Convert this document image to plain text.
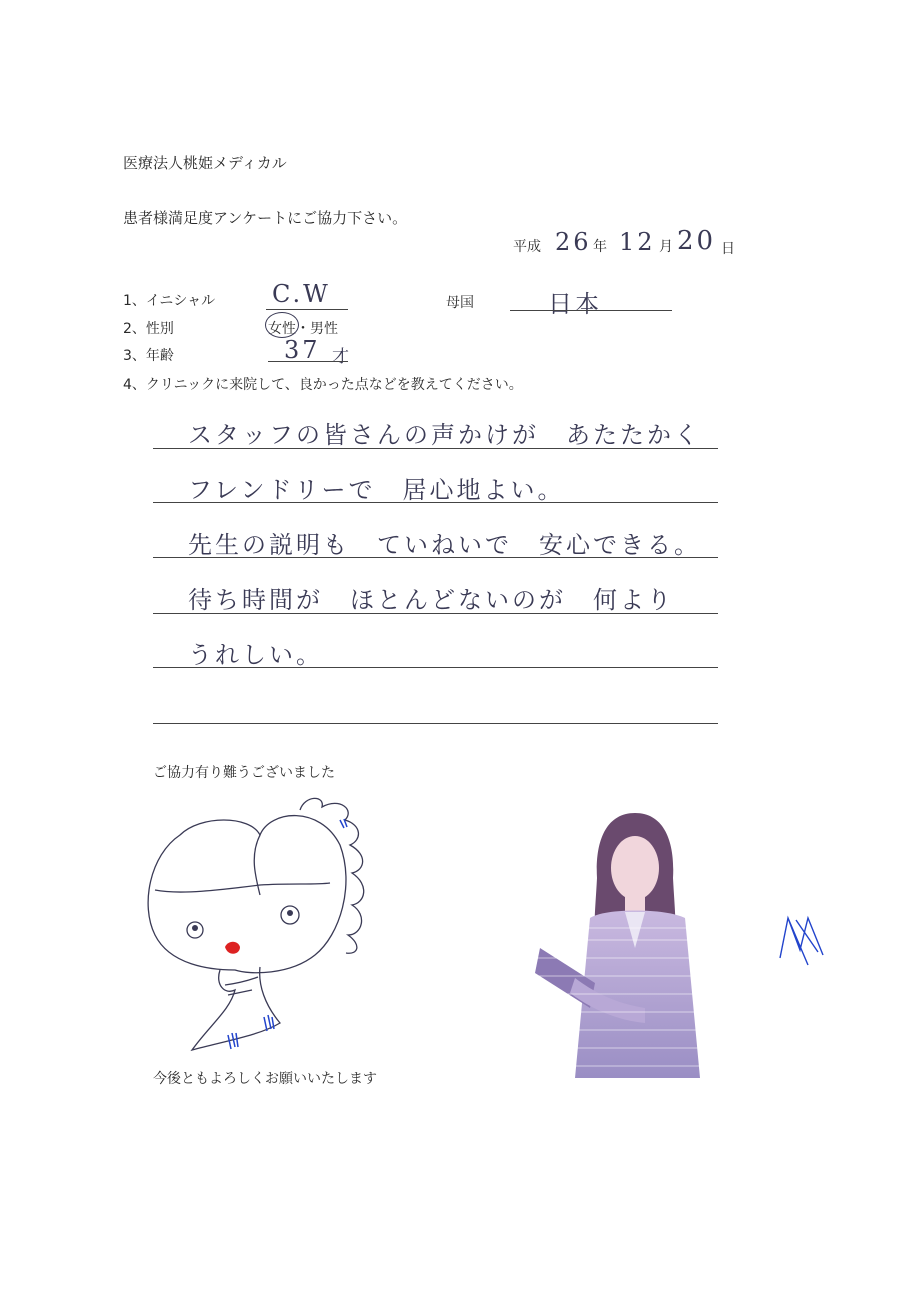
医療法人桃姫メディカル
患者様満足度アンケートにご協力下さい。
平成 26 年 12 月 20 日
1、イニシャル C.W	母国	日本
2、性別	女性・男性
3、年齢	37 才
4、クリニックに来院して、良かった点などを教えてください。
スタッフの皆さんの声かけが　あたたかく
フレンドリーで　居心地よい。
先生の説明も　ていねいで　安心できる。
待ち時間が　ほとんどないのが　何より
うれしい。
ご協力有り難うございました
今後ともよろしくお願いいたします
